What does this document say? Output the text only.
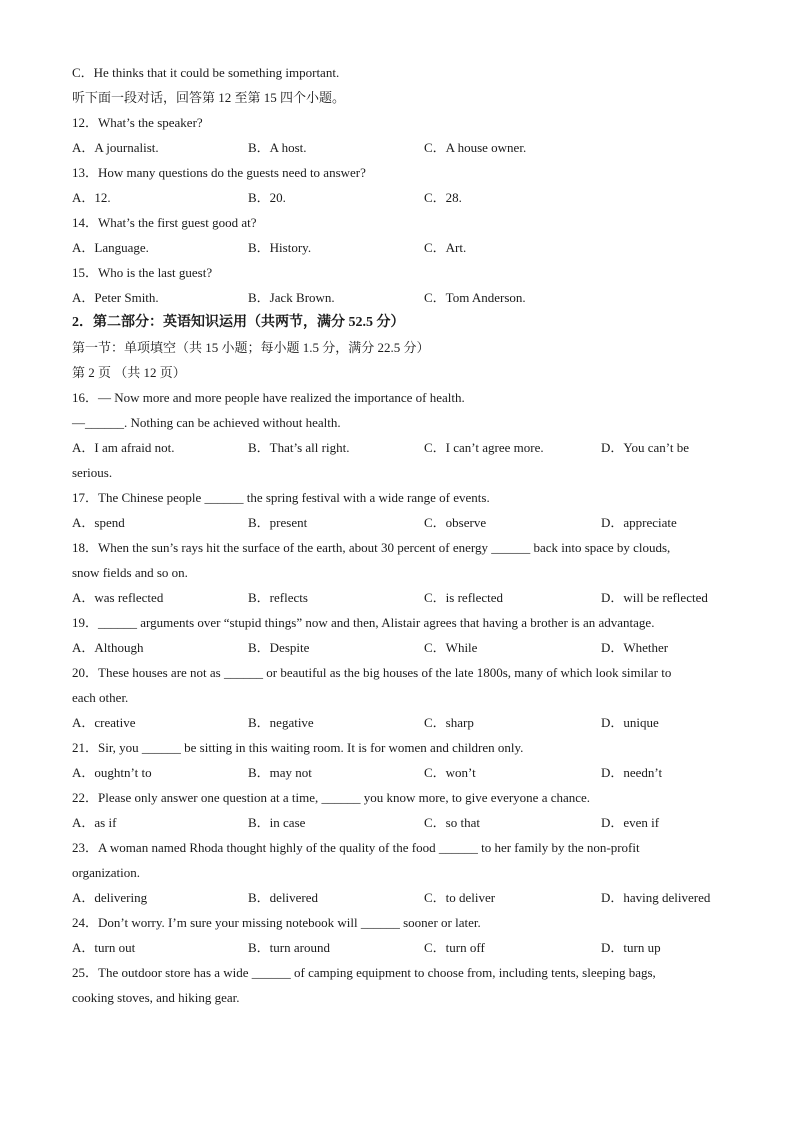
C．He thinks that it could be something important.
听下面一段对话，回答第 12 至第 15 四个小题。
12．What’s the speaker?
A．A journalist.	B．A host.	C．A house owner.
13．How many questions do the guests need to answer?
A．12.	B．20.	C．28.
14．What’s the first guest good at?
A．Language.	B．History.	C．Art.
15．Who is the last guest?
A．Peter Smith.	B．Jack Brown.	C．Tom Anderson.
2．第二部分：英语知识运用（共两节，满分 52.5 分）
第一节：单项填空（共 15 小题；每小题 1.5 分，满分 22.5 分）
第 2 页 （共 12 页）
16．— Now more and more people have realized the importance of health.
—______. Nothing can be achieved without health.
A．I am afraid not.	B．That’s all right.	C．I can’t agree more.	D．You can’t be
serious.
17．The Chinese people ______ the spring festival with a wide range of events.
A．spend	B．present	C．observe	D．appreciate
18．When the sun’s rays hit the surface of the earth, about 30 percent of energy ______ back into space by clouds,
snow fields and so on.
A．was reflected	B．reflects	C．is reflected	D．will be reflected
19．______ arguments over “stupid things” now and then, Alistair agrees that having a brother is an advantage.
A．Although	B．Despite	C．While	D．Whether
20．These houses are not as ______ or beautiful as the big houses of the late 1800s, many of which look similar to
each other.
A．creative	B．negative	C．sharp	D．unique
21．Sir, you ______ be sitting in this waiting room. It is for women and children only.
A．oughtn’t to	B．may not	C．won’t	D．needn’t
22．Please only answer one question at a time, ______ you know more, to give everyone a chance.
A．as if	B．in case	C．so that	D．even if
23．A woman named Rhoda thought highly of the quality of the food ______ to her family by the non-profit
organization.
A．delivering	B．delivered	C．to deliver	D．having delivered
24．Don’t worry. I’m sure your missing notebook will ______ sooner or later.
A．turn out	B．turn around	C．turn off	D．turn up
25．The outdoor store has a wide ______ of camping equipment to choose from, including tents, sleeping bags,
cooking stoves, and hiking gear.
